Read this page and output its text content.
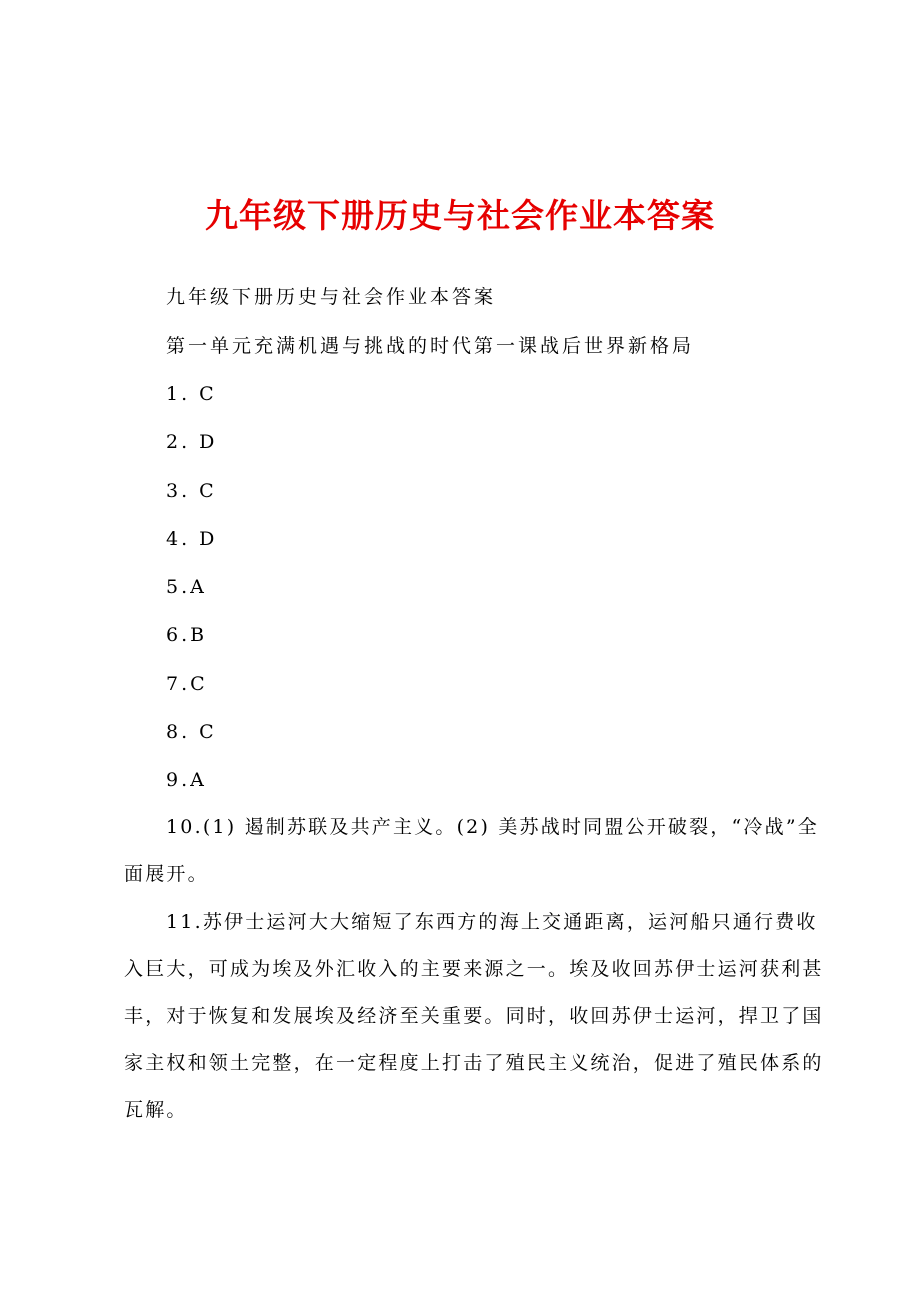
九年级下册历史与社会作业本答案
九年级下册历史与社会作业本答案
第一单元充满机遇与挑战的时代第一课战后世界新格局
1. C
2. D
3. C
4. D
5.A
6.B
7.C
8. C
9.A
10.(1) 遏制苏联及共产主义。(2) 美苏战时同盟公开破裂，“冷战”全面展开。
11.苏伊士运河大大缩短了东西方的海上交通距离，运河船只通行费收入巨大，可成为埃及外汇收入的主要来源之一。埃及收回苏伊士运河获利甚丰，对于恢复和发展埃及经济至关重要。同时，收回苏伊士运河，捍卫了国家主权和领土完整，在一定程度上打击了殖民主义统治，促进了殖民体系的瓦解。
